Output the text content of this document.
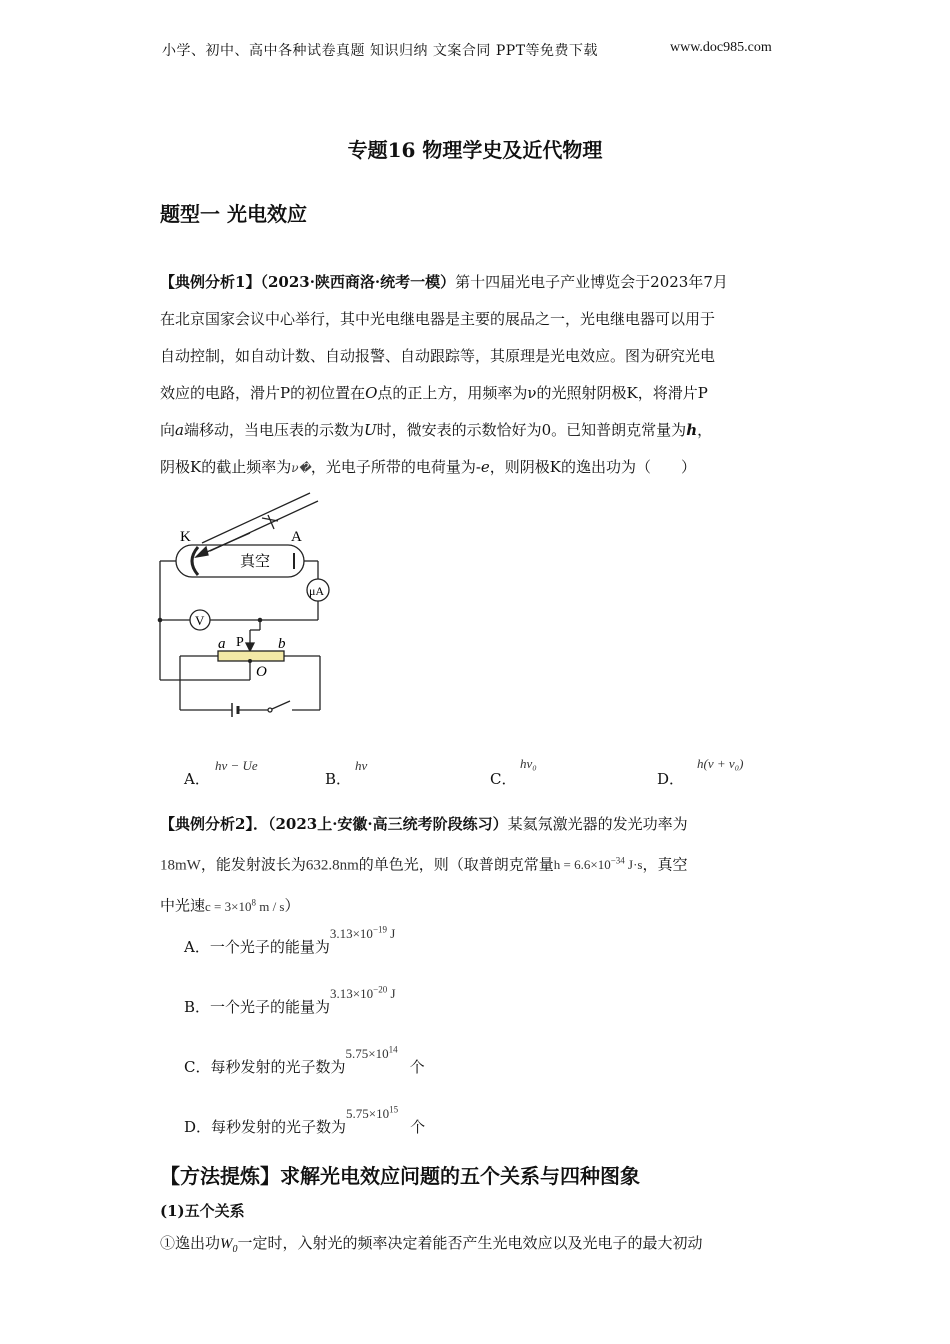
小学、初中、高中各种试卷真题 知识归纳 文案合同 PPT等免费下载	www.doc985.com
专题16 物理学史及近代物理
题型一 光电效应
【典例分析1】（2023·陕西商洛·统考一模）第十四届光电子产业博览会于2023年7月
在北京国家会议中心举行，其中光电继电器是主要的展品之一，光电继电器可以用于
自动控制，如自动计数、自动报警、自动跟踪等，其原理是光电效应。图为研究光电
效应的电路，滑片P的初位置在O点的正上方，用频率为ν的光照射阴极K，将滑片P
向a端移动，当电压表的示数为U时，微安表的示数恰好为0。已知普朗克常量为h，
阴极K的截止频率为ν�，光电子所带的电荷量为-e，则阴极K的逸出功为（　　）
K	A
真空
μA
V
P
a	b
O
A．
hν − Ue
B．
hν
C．
hν₀
D．
h(ν + ν₀)
【典例分析2】．（2023上·安徽·高三统考阶段练习）某氦氖激光器的发光功率为
18mW，能发射波长为632.8nm的单色光，则（取普朗克常量$h = 6.6\times 10^{-34}$ J·s，真空
中光速$c = 3\times 10^8$ m / s）
A．一个光子的能量为$3.13\times 10^{-19}$ J
B．一个光子的能量为$3.13\times 10^{-20}$ J
C．每秒发射的光子数为$5.75\times 10^{14}$个
D．每秒发射的光子数为$5.75\times 10^{15}$个
【方法提炼】求解光电效应问题的五个关系与四种图象
(1)五个关系
①逸出功$W_0$一定时，入射光的频率决定着能否产生光电效应以及光电子的最大初动
